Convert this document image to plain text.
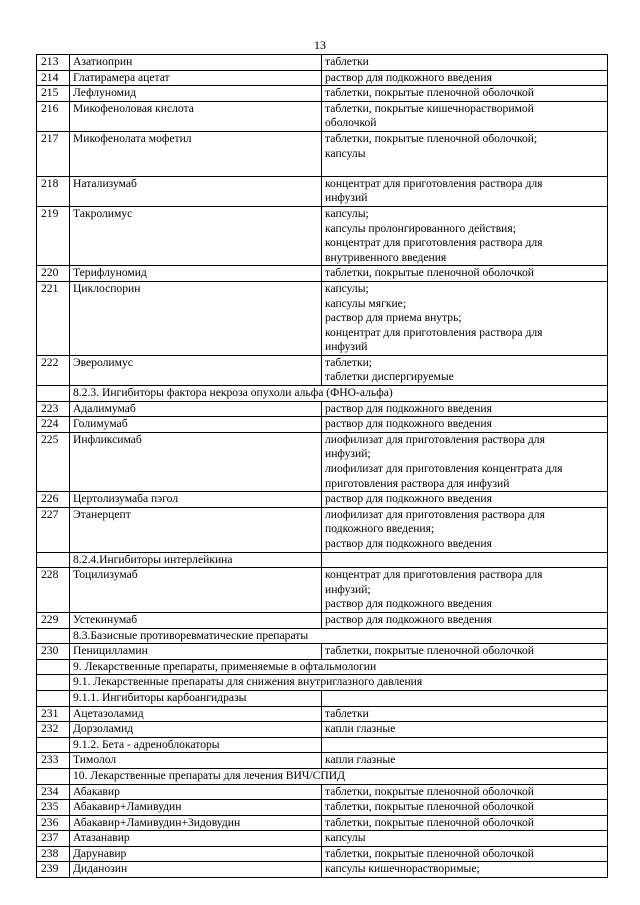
13
213	Азатиоприн	таблетки

214	Глатирамера ацетат	раствор для подкожного введения

215	Лефлуномид	таблетки, покрытые пленочной оболочкой

216	Микофеноловая кислота	таблетки, покрытые кишечнорастворимой
оболочкой

217	Микофенолата мофетил	таблетки, покрытые пленочной оболочкой;
капсулы

218	Натализумаб	концентрат для приготовления раствора для
инфузий

219	Такролимус	капсулы;
капсулы пролонгированного действия;
концентрат для приготовления раствора для
внутривенного введения

220	Терифлуномид	таблетки, покрытые пленочной оболочкой

221	Циклоспорин	капсулы;
капсулы мягкие;
раствор для приема внутрь;
концентрат для приготовления раствора для
инфузий

222	Эверолимус	таблетки;
таблетки диспергируемые

	8.2.3. Ингибиторы фактора некроза опухоли альфа (ФНО-альфа)	
223	Адалимумаб	раствор для подкожного введения

224	Голимумаб	раствор для подкожного введения

225	Инфликсимаб	лиофилизат для приготовления раствора для
инфузий;
лиофилизат для приготовления концентрата для
приготовления раствора для инфузий

226	Цертолизумаба пэгол	раствор для подкожного введения

227	Этанерцепт	лиофилизат для приготовления раствора для
подкожного введения;
раствор для подкожного введения

	8.2.4.Ингибиторы интерлейкина	
228	Тоцилизумаб	концентрат для приготовления раствора для
инфузий;
раствор для подкожного введения

229	Устекинумаб	раствор для подкожного введения

	8.3.Базисные противоревматические препараты	
230	Пеницилламин	таблетки, покрытые пленочной оболочкой

	9. Лекарственные препараты, применяемые в офтальмологии	
	9.1. Лекарственные препараты для снижения внутриглазного давления	
	9.1.1. Ингибиторы карбоангидразы	
231	Ацетазоламид	таблетки

232	Дорзоламид	капли глазные

	9.1.2. Бета - адреноблокаторы	
233	Тимолол	капли глазные

	10. Лекарственные препараты для лечения ВИЧ/СПИД	
234	Абакавир	таблетки, покрытые пленочной оболочкой

235	Абакавир+Ламивудин	таблетки, покрытые пленочной оболочкой

236	Абакавир+Ламивудин+Зидовудин	таблетки, покрытые пленочной оболочкой

237	Атазанавир	капсулы

238	Дарунавир	таблетки, покрытые пленочной оболочкой

239	Диданозин	капсулы кишечнорастворимые;
